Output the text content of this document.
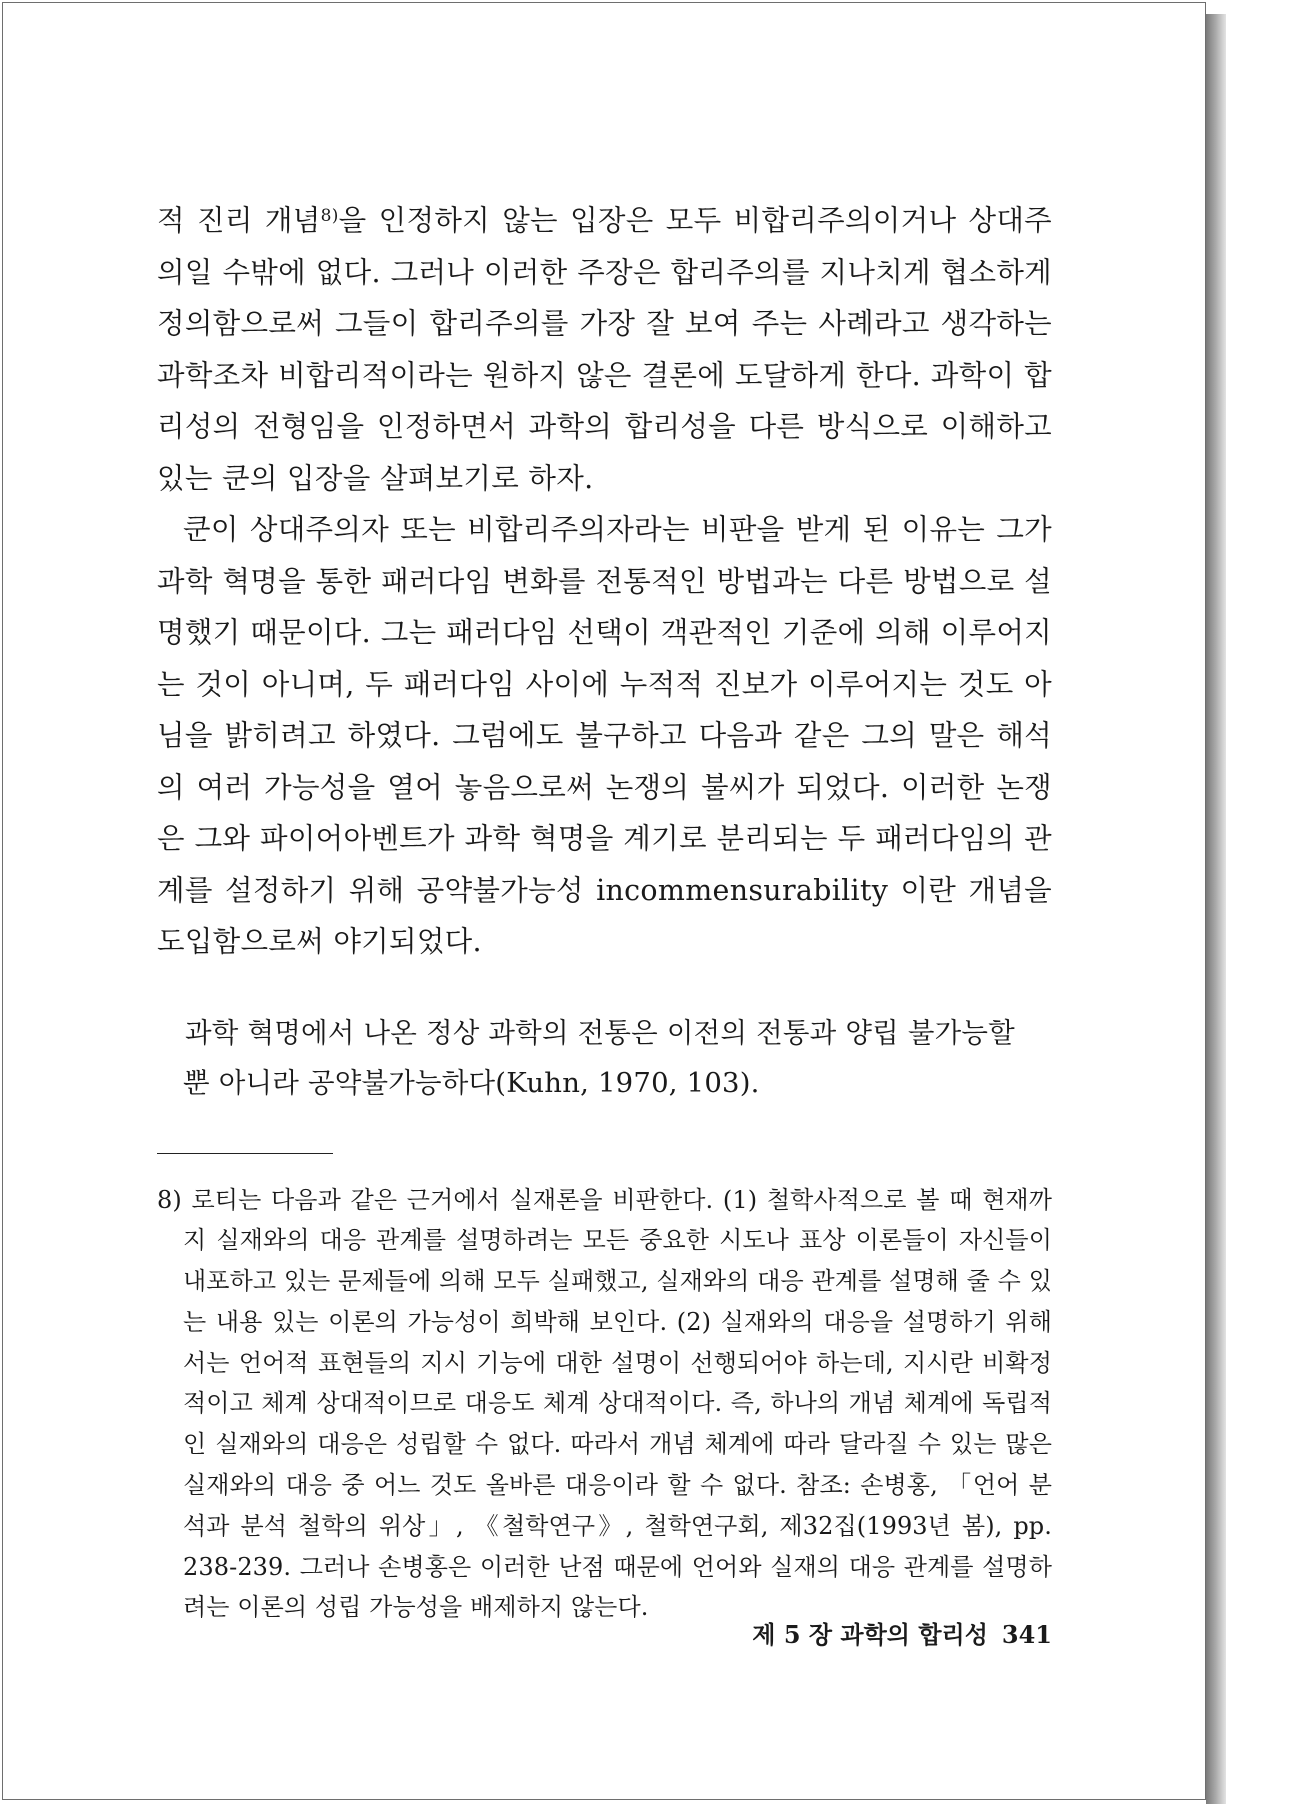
적 진리 개념$^{8)}$을 인정하지 않는 입장은 모두 비합리주의이거나 상대주의일 수밖에 없다. 그러나 이러한 주장은 합리주의를 지나치게 협소하게 정의함으로써 그들이 합리주의를 가장 잘 보여 주는 사례라고 생각하는 과학조차 비합리적이라는 원하지 않은 결론에 도달하게 한다. 과학이 합리성의 전형임을 인정하면서 과학의 합리성을 다른 방식으로 이해하고 있는 쿤의 입장을 살펴보기로 하자.

쿤이 상대주의자 또는 비합리주의자라는 비판을 받게 된 이유는 그가 과학 혁명을 통한 패러다임 변화를 전통적인 방법과는 다른 방법으로 설명했기 때문이다. 그는 패러다임 선택이 객관적인 기준에 의해 이루어지는 것이 아니며, 두 패러다임 사이에 누적적 진보가 이루어지는 것도 아님을 밝히려고 하였다. 그럼에도 불구하고 다음과 같은 그의 말은 해석의 여러 가능성을 열어 놓음으로써 논쟁의 불씨가 되었다. 이러한 논쟁은 그와 파이어아벤트가 과학 혁명을 계기로 분리되는 두 패러다임의 관계를 설정하기 위해 공약불가능성 incommensurability 이란 개념을 도입함으로써 야기되었다.

과학 혁명에서 나온 정상 과학의 전통은 이전의 전통과 양립 불가능할
뿐 아니라 공약불가능하다(Kuhn, 1970, 103).

8) 로티는 다음과 같은 근거에서 실재론을 비판한다. (1) 철학사적으로 볼 때 현재까지 실재와의 대응 관계를 설명하려는 모든 중요한 시도나 표상 이론들이 자신들이 내포하고 있는 문제들에 의해 모두 실패했고, 실재와의 대응 관계를 설명해 줄 수 있는 내용 있는 이론의 가능성이 희박해 보인다. (2) 실재와의 대응을 설명하기 위해서는 언어적 표현들의 지시 기능에 대한 설명이 선행되어야 하는데, 지시란 비확정적이고 체계 상대적이므로 대응도 체계 상대적이다. 즉, 하나의 개념 체계에 독립적인 실재와의 대응은 성립할 수 없다. 따라서 개념 체계에 따라 달라질 수 있는 많은 실재와의 대응 중 어느 것도 올바른 대응이라 할 수 없다. 참조: 손병홍, 「언어 분석과 분석 철학의 위상」, 《철학연구》, 철학연구회, 제32집(1993년 봄), pp. 238-239. 그러나 손병홍은 이러한 난점 때문에 언어와 실재의 대응 관계를 설명하려는 이론의 성립 가능성을 배제하지 않는다.

제 5 장 과학의 합리성 341
